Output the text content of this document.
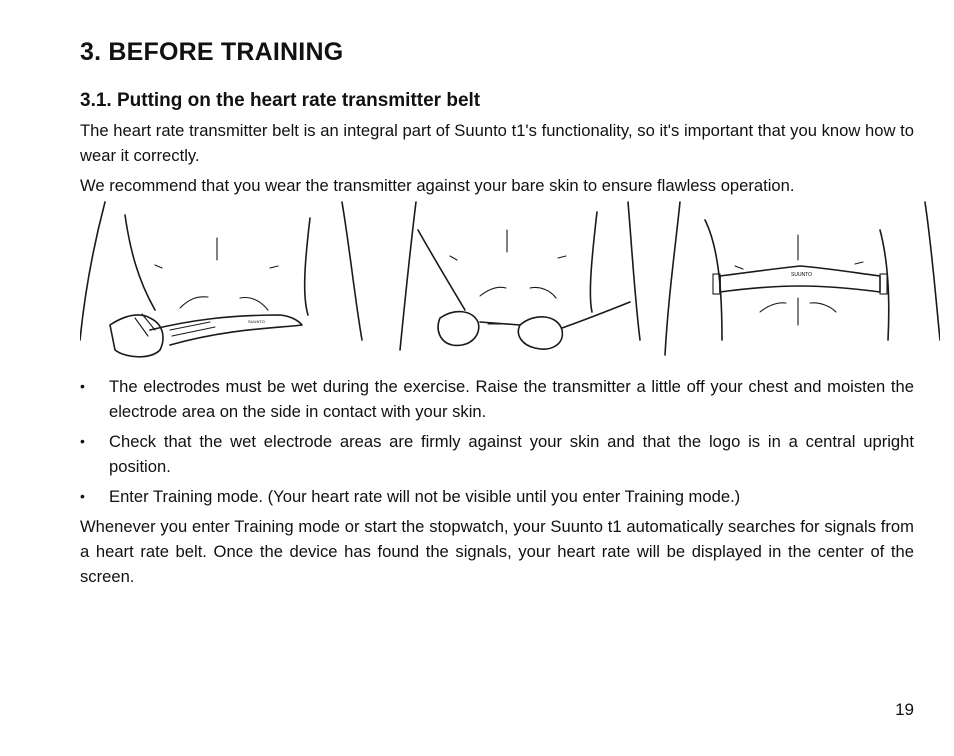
3. BEFORE TRAINING
3.1. Putting on the heart rate transmitter belt

The heart rate transmitter belt is an integral part of Suunto t1's functionality, so it's important that you know how to wear it correctly.

We recommend that you wear the transmitter against your bare skin to ensure flawless operation.

SUUNTO
SUUNTO
• The electrodes must be wet during the exercise. Raise the transmitter a little off your chest and moisten the electrode area on the side in contact with your skin.
• Check that the wet electrode areas are firmly against your skin and that the logo is in a central upright position.
• Enter Training mode. (Your heart rate will not be visible until you enter Training mode.)

Whenever you enter Training mode or start the stopwatch, your Suunto t1 automatically searches for signals from a heart rate belt. Once the device has found the signals, your heart rate will be displayed in the center of the screen.

19
